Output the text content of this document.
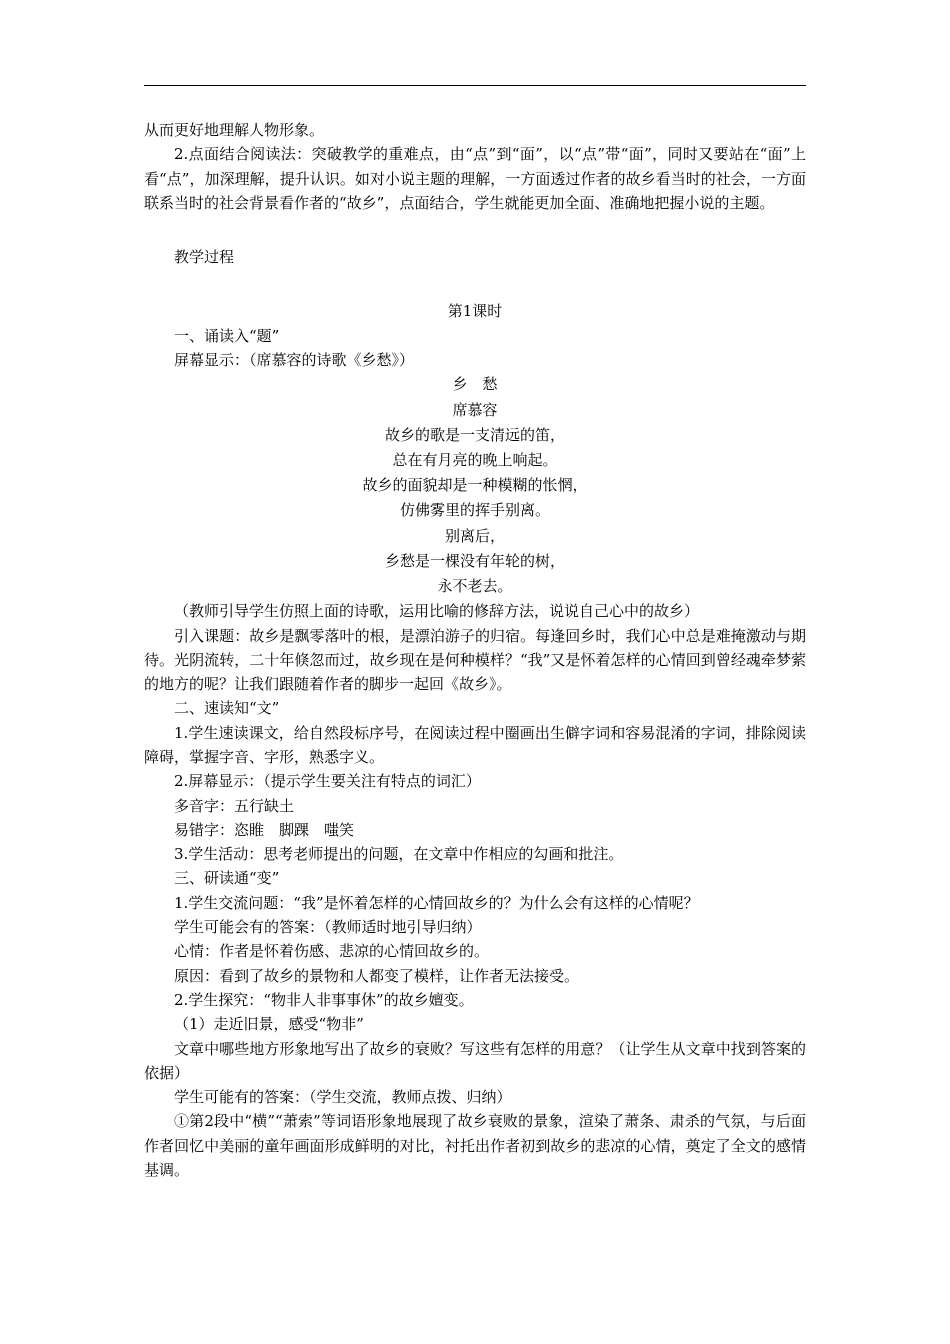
从而更好地理解人物形象。

2.点面结合阅读法：突破教学的重难点，由“点”到“面”，以“点”带“面”，同时又要站在“面”上看“点”，加深理解，提升认识。如对小说主题的理解，一方面透过作者的故乡看当时的社会，一方面联系当时的社会背景看作者的“故乡”，点面结合，学生就能更加全面、准确地把握小说的主题。

教学过程

第1课时

一、诵读入“题”

屏幕显示：（席慕容的诗歌《乡愁》）

乡　愁

席慕容

故乡的歌是一支清远的笛，

总在有月亮的晚上响起。

故乡的面貌却是一种模糊的怅惘，

仿佛雾里的挥手别离。

别离后，

乡愁是一棵没有年轮的树，

永不老去。

（教师引导学生仿照上面的诗歌，运用比喻的修辞方法，说说自己心中的故乡）

引入课题：故乡是飘零落叶的根，是漂泊游子的归宿。每逢回乡时，我们心中总是难掩激动与期待。光阴流转，二十年倏忽而过，故乡现在是何种模样？“我”又是怀着怎样的心情回到曾经魂牵梦萦的地方的呢？让我们跟随着作者的脚步一起回《故乡》。

二、速读知“文”

1.学生速读课文，给自然段标序号，在阅读过程中圈画出生僻字词和容易混淆的字词，排除阅读障碍，掌握字音、字形，熟悉字义。

2.屏幕显示：（提示学生要关注有特点的词汇）

多音字：五行缺土

易错字：恣睢　脚踝　嗤笑

3.学生活动：思考老师提出的问题，在文章中作相应的勾画和批注。

三、研读通“变”

1.学生交流问题：“我”是怀着怎样的心情回故乡的？为什么会有这样的心情呢？

学生可能会有的答案：（教师适时地引导归纳）

心情：作者是怀着伤感、悲凉的心情回故乡的。

原因：看到了故乡的景物和人都变了模样，让作者无法接受。

2.学生探究：“物非人非事事休”的故乡嬗变。

（1）走近旧景，感受“物非”

文章中哪些地方形象地写出了故乡的衰败？写这些有怎样的用意？（让学生从文章中找到答案的依据）

学生可能有的答案：（学生交流，教师点拨、归纳）

①第2段中“横”“萧索”等词语形象地展现了故乡衰败的景象，渲染了萧条、肃杀的气氛，与后面作者回忆中美丽的童年画面形成鲜明的对比，衬托出作者初到故乡的悲凉的心情，奠定了全文的感情基调。
